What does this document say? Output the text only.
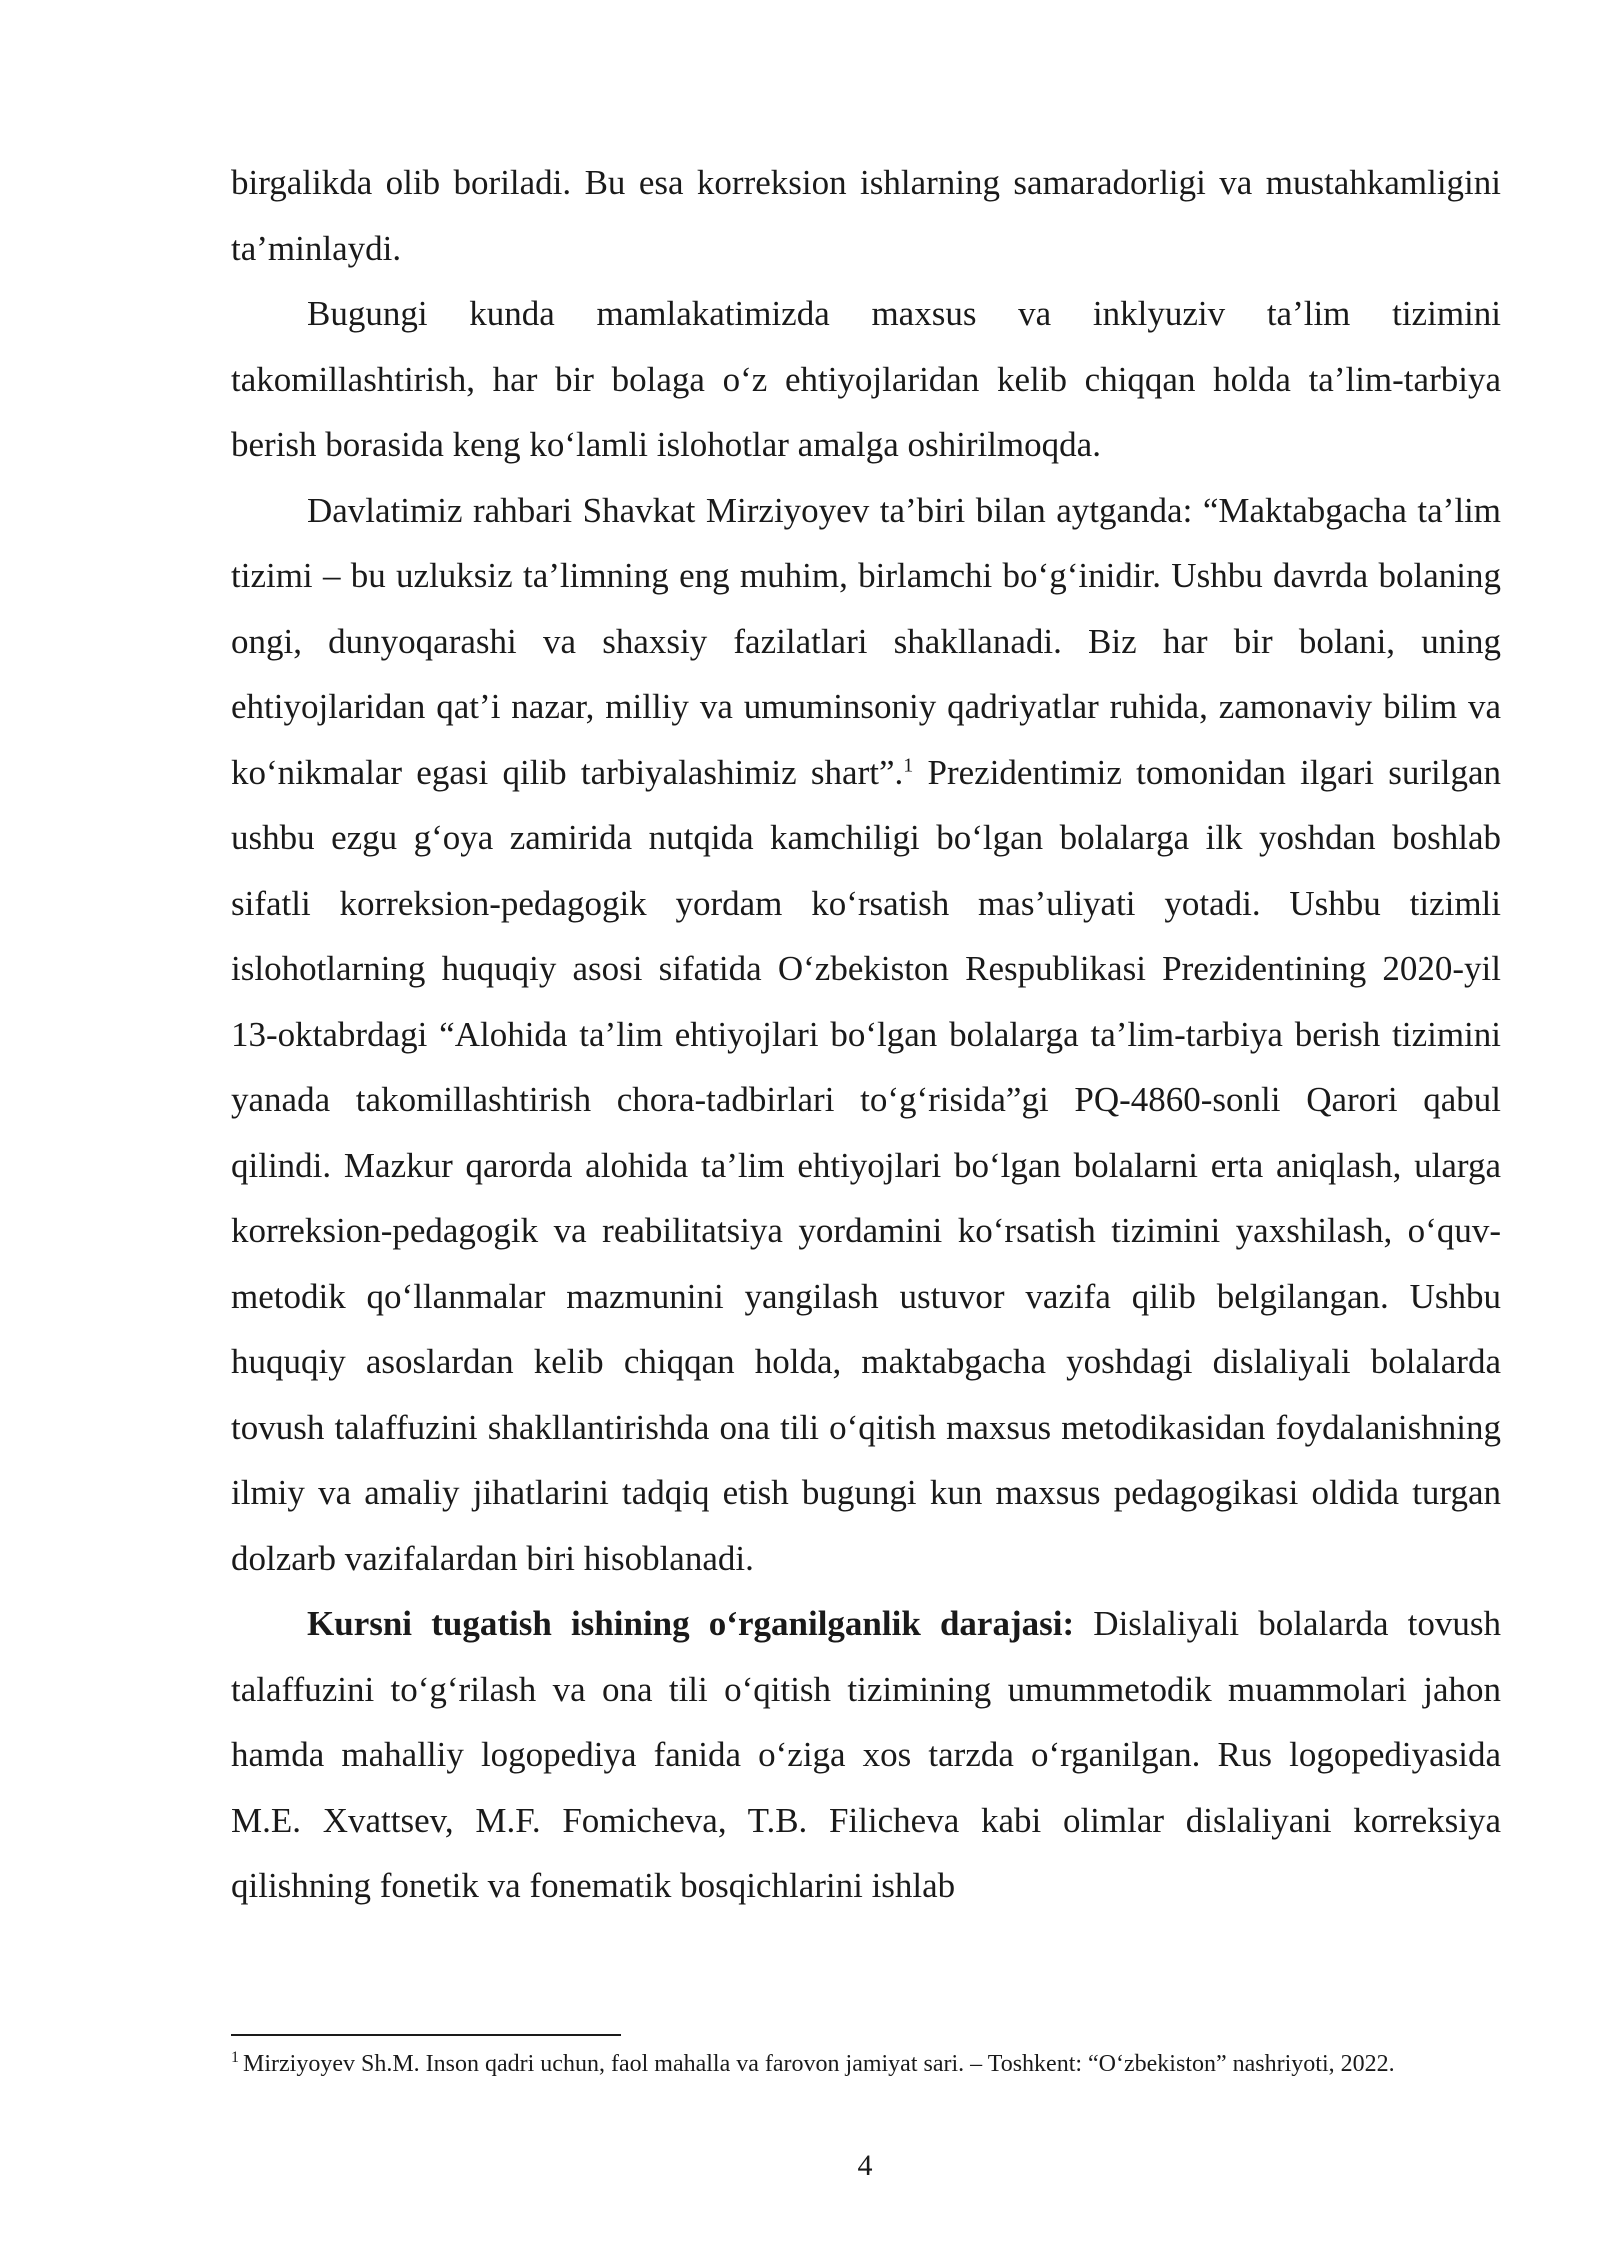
birgalikda olib boriladi. Bu esa korreksion ishlarning samaradorligi va mustahkamligini ta’minlaydi.

Bugungi kunda mamlakatimizda maxsus va inklyuziv ta’lim tizimini takomillashtirish, har bir bolaga o‘z ehtiyojlaridan kelib chiqqan holda ta’lim-tarbiya berish borasida keng ko‘lamli islohotlar amalga oshirilmoqda.

Davlatimiz rahbari Shavkat Mirziyoyev ta’biri bilan aytganda: “Maktabgacha ta’lim tizimi – bu uzluksiz ta’limning eng muhim, birlamchi bo‘g‘inidir. Ushbu davrda bolaning ongi, dunyoqarashi va shaxsiy fazilatlari shakllanadi. Biz har bir bolani, uning ehtiyojlaridan qat’i nazar, milliy va umuminsoniy qadriyatlar ruhida, zamonaviy bilim va ko‘nikmalar egasi qilib tarbiyalashimiz shart”.$^1$ Prezidentimiz tomonidan ilgari surilgan ushbu ezgu g‘oya zamirida nutqida kamchiligi bo‘lgan bolalarga ilk yoshdan boshlab sifatli korreksion-pedagogik yordam ko‘rsatish mas’uliyati yotadi. Ushbu tizimli islohotlarning huquqiy asosi sifatida O‘zbekiston Respublikasi Prezidentining 2020-yil 13-oktabrdagi “Alohida ta’lim ehtiyojlari bo‘lgan bolalarga ta’lim-tarbiya berish tizimini yanada takomillashtirish chora-tadbirlari to‘g‘risida”gi PQ-4860-sonli Qarori qabul qilindi. Mazkur qarorda alohida ta’lim ehtiyojlari bo‘lgan bolalarni erta aniqlash, ularga korreksion-pedagogik va reabilitatsiya yordamini ko‘rsatish tizimini yaxshilash, o‘quv-metodik qo‘llanmalar mazmunini yangilash ustuvor vazifa qilib belgilangan. Ushbu huquqiy asoslardan kelib chiqqan holda, maktabgacha yoshdagi dislaliyali bolalarda tovush talaffuzini shakllantirishda ona tili o‘qitish maxsus metodikasidan foydalanishning ilmiy va amaliy jihatlarini tadqiq etish bugungi kun maxsus pedagogikasi oldida turgan dolzarb vazifalardan biri hisoblanadi.

Kursni tugatish ishining o‘rganilganlik darajasi: Dislaliyali bolalarda tovush talaffuzini to‘g‘rilash va ona tili o‘qitish tizimining umummetodik muammolari jahon hamda mahalliy logopediya fanida o‘ziga xos tarzda o‘rganilgan. Rus logopediyasida M.E. Xvattsev, M.F. Fomicheva, T.B. Filicheva kabi olimlar dislaliyani korreksiya qilishning fonetik va fonematik bosqichlarini ishlab

$^1$ Mirziyoyev Sh.M. Inson qadri uchun, faol mahalla va farovon jamiyat sari. – Toshkent: “O‘zbekiston” nashriyoti, 2022.
4
